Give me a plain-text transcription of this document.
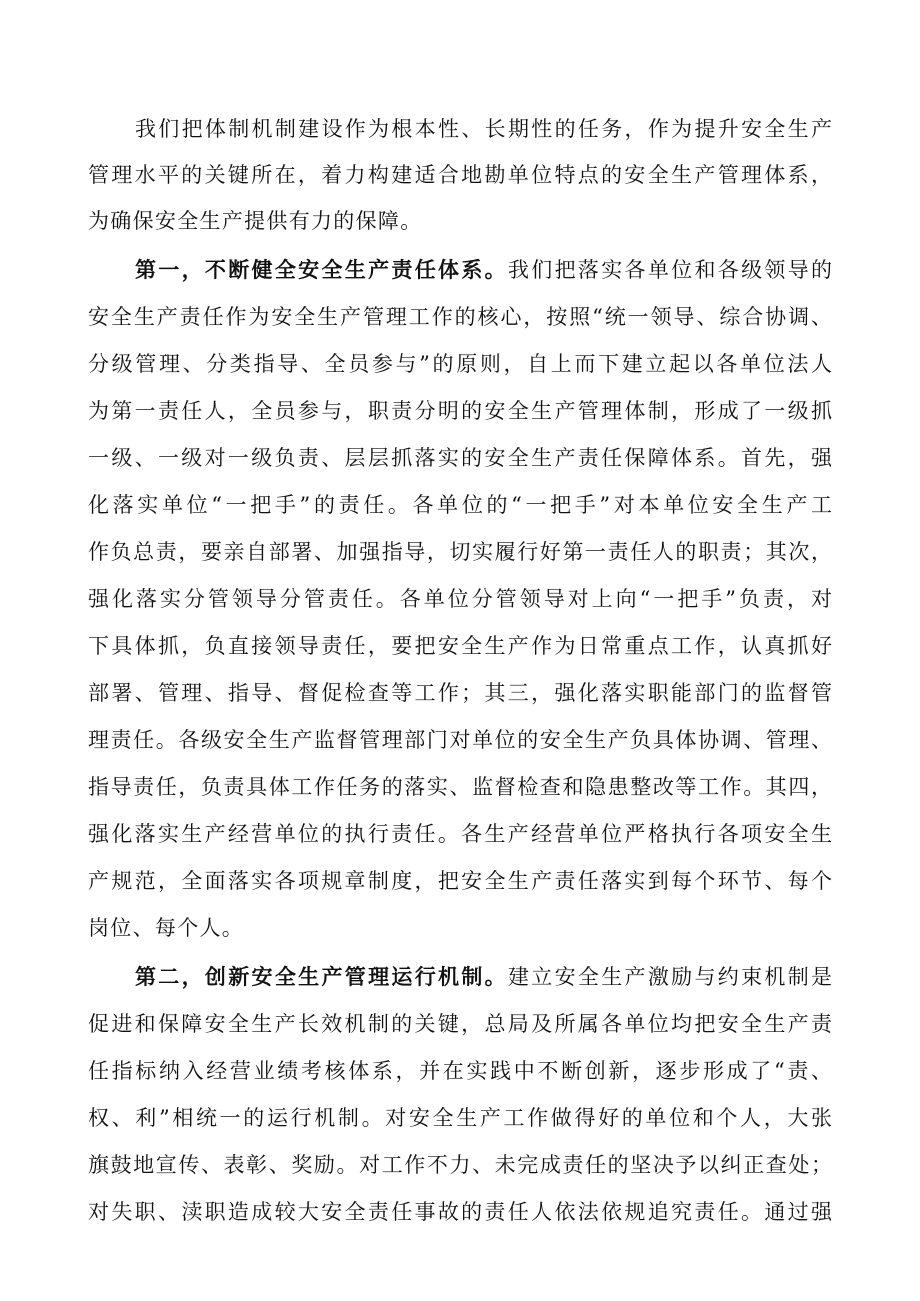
我们把体制机制建设作为根本性、长期性的任务，作为提升安全生产
管理水平的关键所在，着力构建适合地勘单位特点的安全生产管理体系，
为确保安全生产提供有力的保障。
第一，不断健全安全生产责任体系。我们把落实各单位和各级领导的
安全生产责任作为安全生产管理工作的核心，按照“统一领导、综合协调、
分级管理、分类指导、全员参与”的原则，自上而下建立起以各单位法人
为第一责任人，全员参与，职责分明的安全生产管理体制，形成了一级抓
一级、一级对一级负责、层层抓落实的安全生产责任保障体系。首先，强
化落实单位“一把手”的责任。各单位的“一把手”对本单位安全生产工
作负总责，要亲自部署、加强指导，切实履行好第一责任人的职责；其次，
强化落实分管领导分管责任。各单位分管领导对上向“一把手”负责，对
下具体抓，负直接领导责任，要把安全生产作为日常重点工作，认真抓好
部署、管理、指导、督促检查等工作；其三，强化落实职能部门的监督管
理责任。各级安全生产监督管理部门对单位的安全生产负具体协调、管理、
指导责任，负责具体工作任务的落实、监督检查和隐患整改等工作。其四，
强化落实生产经营单位的执行责任。各生产经营单位严格执行各项安全生
产规范，全面落实各项规章制度，把安全生产责任落实到每个环节、每个
岗位、每个人。
第二，创新安全生产管理运行机制。建立安全生产激励与约束机制是
促进和保障安全生产长效机制的关键，总局及所属各单位均把安全生产责
任指标纳入经营业绩考核体系，并在实践中不断创新，逐步形成了“责、
权、利”相统一的运行机制。对安全生产工作做得好的单位和个人，大张
旗鼓地宣传、表彰、奖励。对工作不力、未完成责任的坚决予以纠正查处；
对失职、渎职造成较大安全责任事故的责任人依法依规追究责任。通过强
